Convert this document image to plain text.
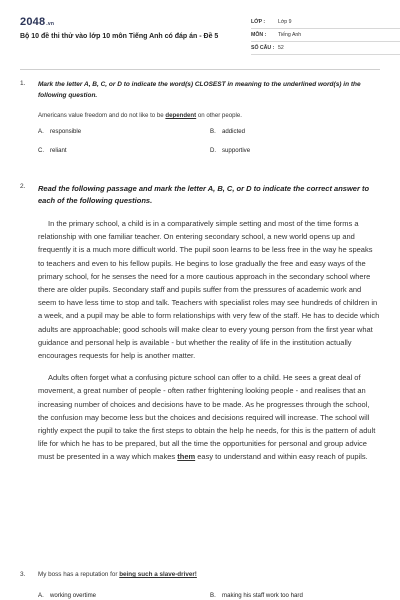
2048.vn
Bộ 10 đề thi thử vào lớp 10 môn Tiếng Anh có đáp án - Đề 5
LỚP :	Lớp 9
MÔN :	Tiếng Anh
SỐ CÂU : 52
1. Mark the letter A, B, C, or D to indicate the word(s) CLOSEST in meaning to the underlined word(s) in the following question.
Americans value freedom and do not like to be dependent on other people.
A. responsible	B. addicted
C. reliant	D. supportive
2. Read the following passage and mark the letter A, B, C, or D to indicate the correct answer to each of the following questions.

In the primary school, a child is in a comparatively simple setting and most of the time forms a relationship with one familiar teacher. On entering secondary school, a new world opens up and frequently it is a much more difficult world. The pupil soon learns to be less free in the way he speaks to teachers and even to his fellow pupils. He begins to lose gradually the free and easy ways of the primary school, for he senses the need for a more cautious approach in the secondary school where there are older pupils. Secondary staff and pupils suffer from the pressures of academic work and seem to have less time to stop and talk. Teachers with specialist roles may see hundreds of children in a week, and a pupil may be able to form relationships with very few of the staff. He has to decide which adults are approachable; good schools will make clear to every young person from the first year what guidance and personal help is available - but whether the reality of life in the institution actually encourages requests for help is another matter.

Adults often forget what a confusing picture school can offer to a child. He sees a great deal of movement, a great number of people - often rather frightening looking people - and realises that an increasing number of choices and decisions have to be made. As he progresses through the school, the confusion may become less but the choices and decisions required will increase. The school will rightly expect the pupil to take the first steps to obtain the help he needs, for this is the pattern of adult life for which he has to be prepared, but all the time the opportunities for personal and group advice must be presented in a way which makes them easy to understand and within easy reach of pupils.

3. My boss has a reputation for being such a slave-driver!
A. working overtime	B. making his staff work too hard
